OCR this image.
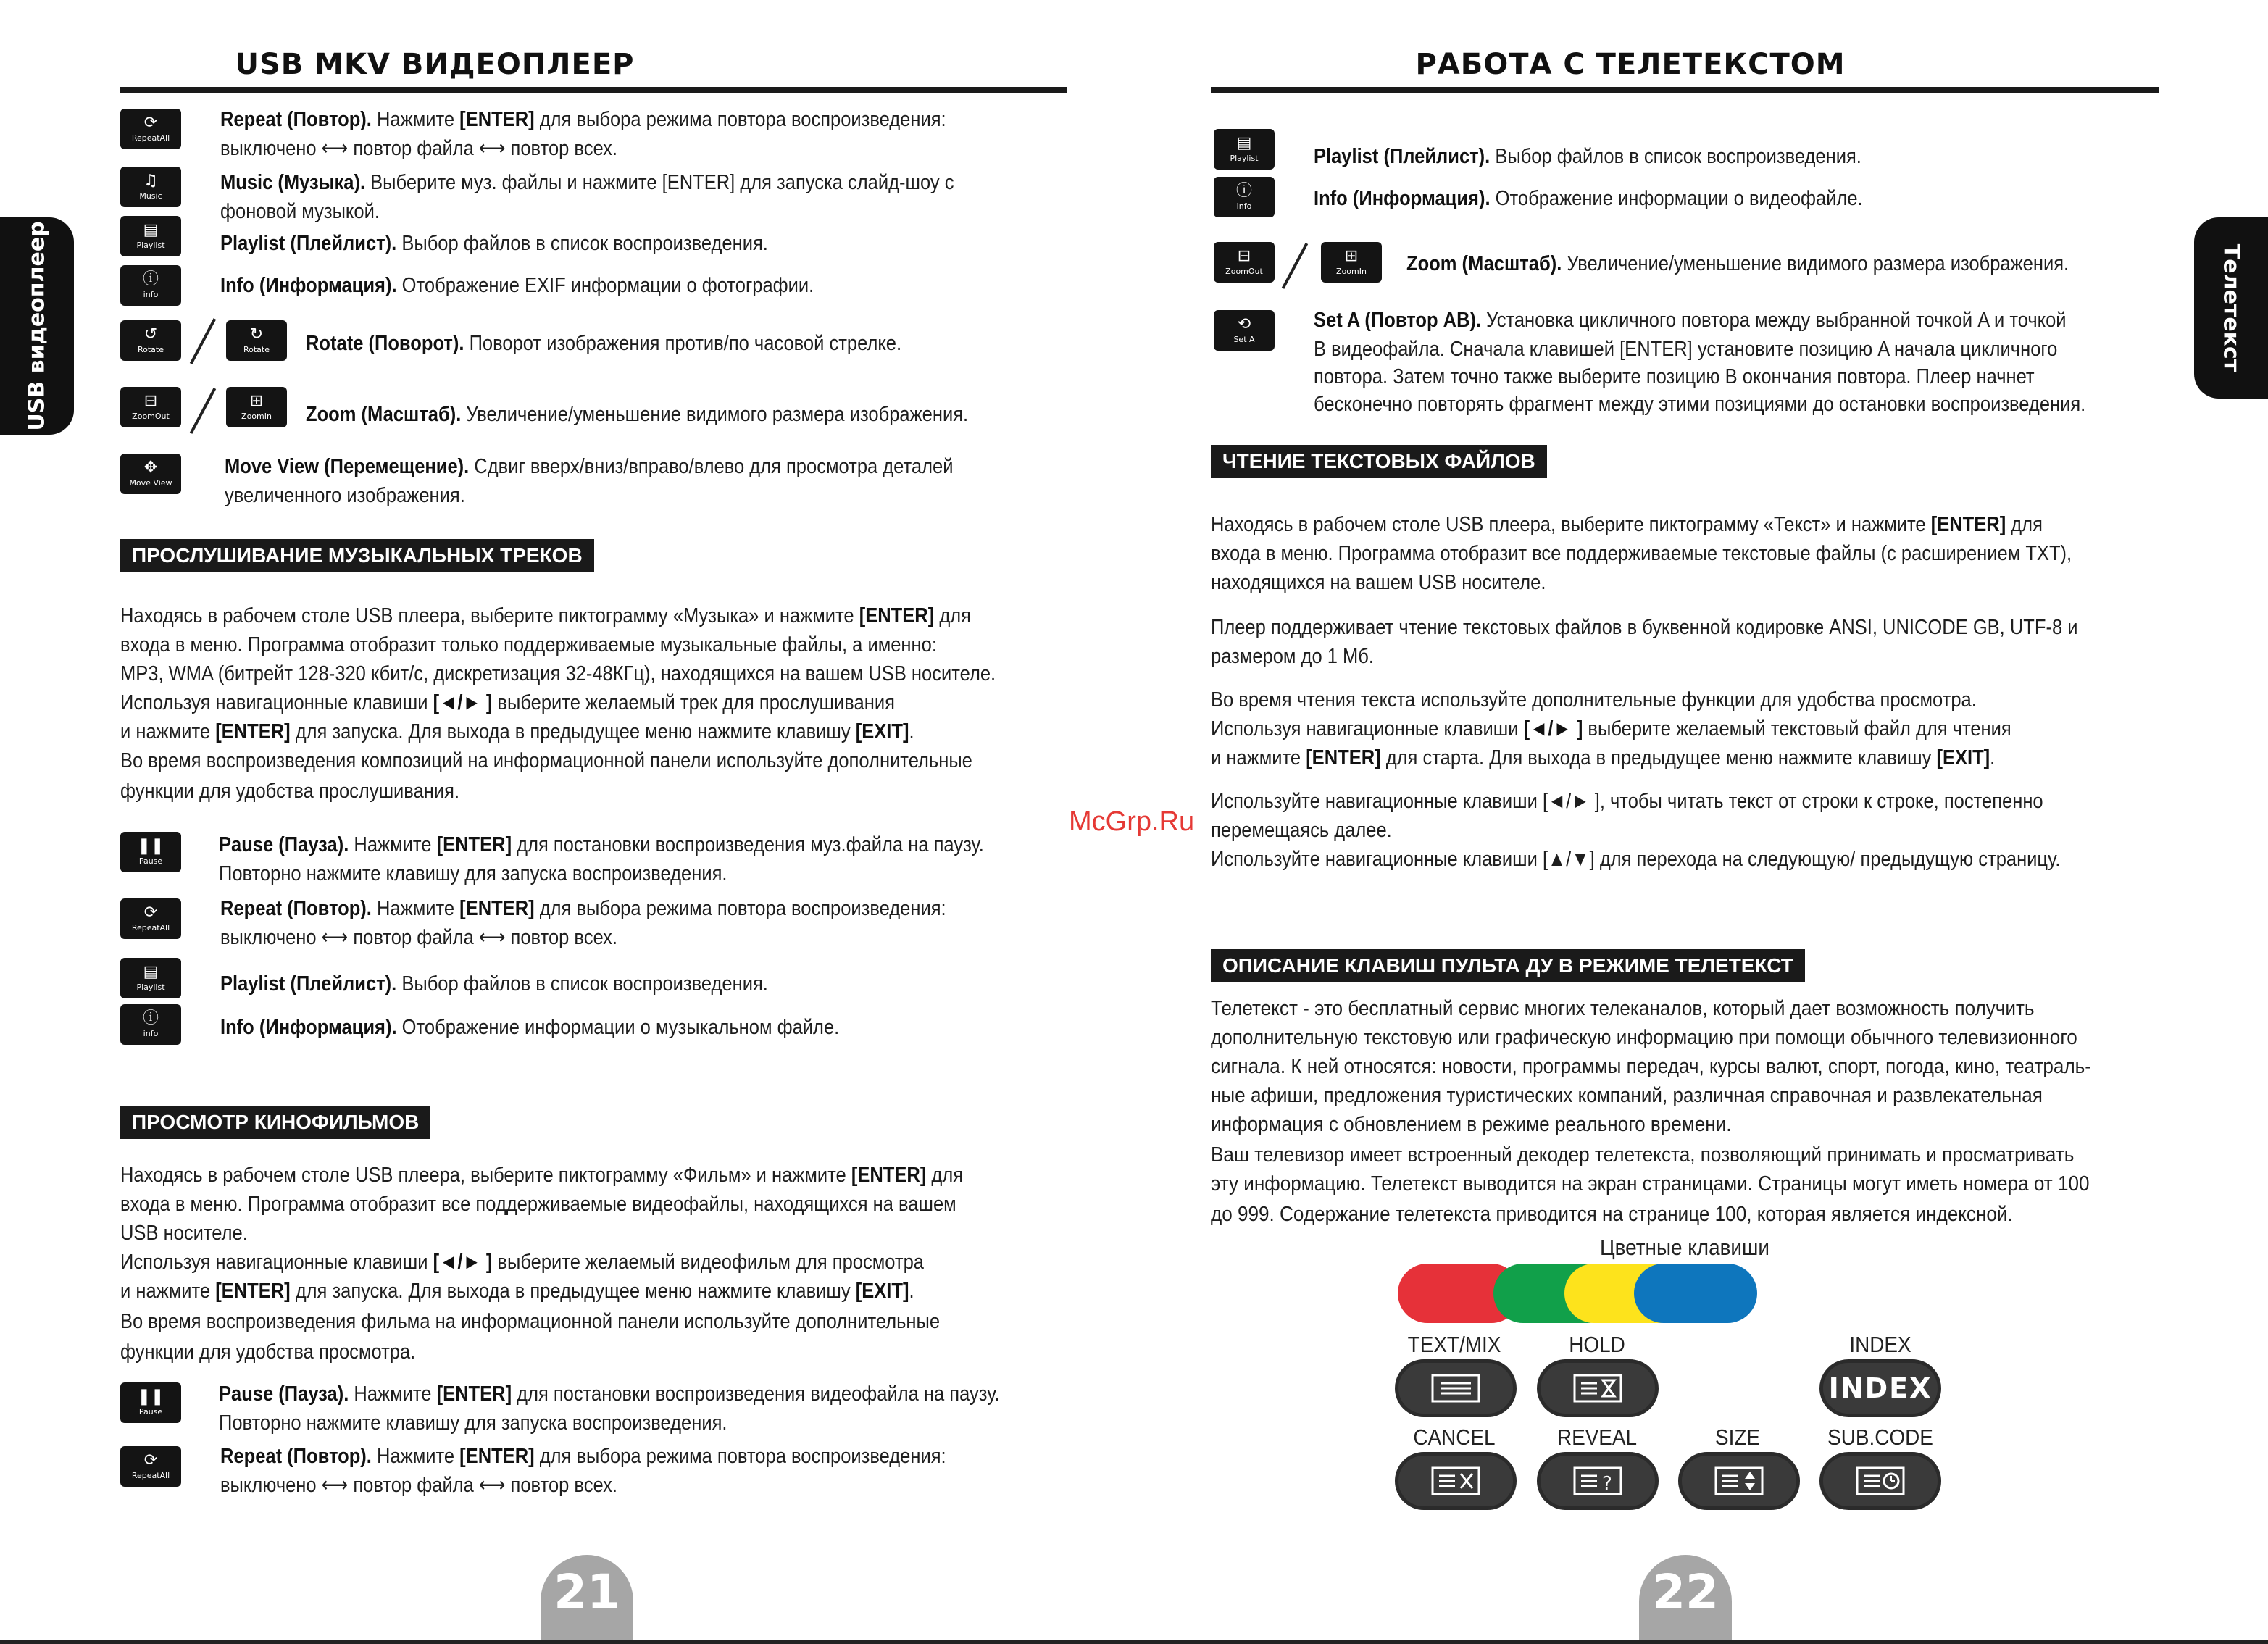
USB MKV ВИДЕОПЛЕЕР
USB видеоплеер
⟳
RepeatAll
Repeat (Повтор). Нажмите [ENTER] для выбора режима повтора воспроизведения:
выключено ⟷ повтор файла ⟷ повтор всех.
♫
Music
Music (Музыка). Выберите муз. файлы и нажмите [ENTER] для запуска слайд-шоу с
фоновой музыкой.
▤
Playlist	Playlist (Плейлист). Выбор файлов в список воспроизведения.
ⓘ
info	Info (Информация). Отображение EXIF информации о фотографии.
↺
Rotate
↻
Rotate	Rotate (Поворот). Поворот изображения против/по часовой стрелке.
⊟
ZoomOut
⊞
ZoomIn	Zoom (Масштаб). Увеличение/уменьшение видимого размера изображения.
✥
Move View
Move View (Перемещение). Сдвиг вверх/вниз/вправо/влево для просмотра деталей
увеличенного изображения.
ПРОСЛУШИВАНИЕ МУЗЫКАЛЬНЫХ ТРЕКОВ
Находясь в рабочем столе USB плеера, выберите пиктограмму «Музыка» и нажмите [ENTER] для
входа в меню. Программа отобразит только поддерживаемые музыкальные файлы, а именно:
MP3, WMA (битрейт 128-320 кбит/с, дискретизация 32-48КГц), находящихся на вашем USB носителе.
Используя навигационные клавиши [◄/► ] выберите желаемый трек для прослушивания
и нажмите [ENTER] для запуска. Для выхода в предыдущее меню нажмите клавишу [EXIT].
Во время воспроизведения композиций на информационной панели используйте дополнительные
функции для удобства прослушивания.
❚❚
Pause
Pause (Пауза). Нажмите [ENTER] для постановки воспроизведения муз.файла на паузу.
Повторно нажмите клавишу для запуска воспроизведения.
⟳
RepeatAll
Repeat (Повтор). Нажмите [ENTER] для выбора режима повтора воспроизведения:
выключено ⟷ повтор файла ⟷ повтор всех.
▤
Playlist	Playlist (Плейлист). Выбор файлов в список воспроизведения.
ⓘ
info	Info (Информация). Отображение информации о музыкальном файле.
ПРОСМОТР КИНОФИЛЬМОВ
Находясь в рабочем столе USB плеера, выберите пиктограмму «Фильм» и нажмите [ENTER] для
входа в меню. Программа отобразит все поддерживаемые видеофайлы, находящихся на вашем
USB носителе.
Используя навигационные клавиши [◄/► ] выберите желаемый видеофильм для просмотра
и нажмите [ENTER] для запуска. Для выхода в предыдущее меню нажмите клавишу [EXIT].
Во время воспроизведения фильма на информационной панели используйте дополнительные
функции для удобства просмотра.
❚❚
Pause
Pause (Пауза). Нажмите [ENTER] для постановки воспроизведения видеофайла на паузу.
Повторно нажмите клавишу для запуска воспроизведения.
⟳
RepeatAll
Repeat (Повтор). Нажмите [ENTER] для выбора режима повтора воспроизведения:
выключено ⟷ повтор файла ⟷ повтор всех.
21
РАБОТА С ТЕЛЕТЕКСТОМ
Телетекст
▤
Playlist	Playlist (Плейлист). Выбор файлов в список воспроизведения.
ⓘ
info	Info (Информация). Отображение информации о видеофайле.
⊟
ZoomOut
⊞
ZoomIn	Zoom (Масштаб). Увеличение/уменьшение видимого размера изображения.
⟲
Set A
Set A (Повтор AB). Установка цикличного повтора между выбранной точкой A и точкой
B видеофайла. Сначала клавишей [ENTER] установите позицию A начала цикличного
повтора. Затем точно также выберите позицию B окончания повтора. Плеер начнет
бесконечно повторять фрагмент между этими позициями до остановки воспроизведения.
ЧТЕНИЕ ТЕКСТОВЫХ ФАЙЛОВ
Находясь в рабочем столе USB плеера, выберите пиктограмму «Текст» и нажмите [ENTER] для
входа в меню. Программа отобразит все поддерживаемые текстовые файлы (с расширением TXT),
находящихся на вашем USB носителе.
Плеер поддерживает чтение текстовых файлов в буквенной кодировке ANSI, UNICODE GB, UTF-8 и
размером до 1 Мб.
Во время чтения текста используйте дополнительные функции для удобства просмотра.
Используя навигационные клавиши [◄/► ] выберите желаемый текстовый файл для чтения
и нажмите [ENTER] для старта. Для выхода в предыдущее меню нажмите клавишу [EXIT].
Используйте навигационные клавиши [◄/► ], чтобы читать текст от строки к строке, постепенно
перемещаясь далее.
Используйте навигационные клавиши [▲/▼] для перехода на следующую/ предыдущую страницу.
ОПИСАНИЕ КЛАВИШ ПУЛЬТА ДУ В РЕЖИМЕ ТЕЛЕТЕКСТ
Телетекст - это бесплатный сервис многих телеканалов, который дает возможность получить
дополнительную текстовую или графическую информацию при помощи обычного телевизионного
сигнала. К ней относятся: новости, программы передач, курсы валют, спорт, погода, кино, театраль-
ные афиши, предложения туристических компаний, различная справочная и развлекательная
информация с обновлением в режиме реального времени.
Ваш телевизор имеет встроенный декодер телетекста, позволяющий принимать и просматривать
эту информацию. Телетекст выводится на экран страницами. Страницы могут иметь номера от 100
до 999. Содержание телетекста приводится на странице 100, которая является индексной.
Цветные клавиши
TEXT/MIX	HOLD	INDEX
INDEX
CANCEL	REVEAL	SIZE	SUB.CODE
?
22
McGrp.Ru
